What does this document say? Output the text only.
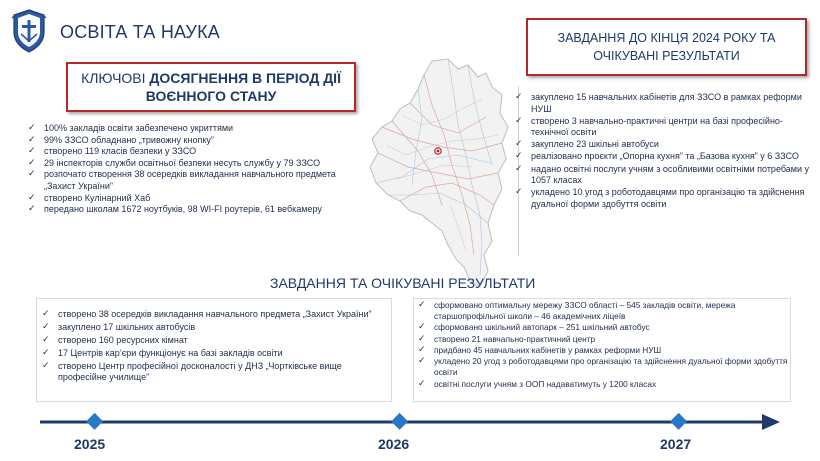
ОСВІТА ТА НАУКА
КЛЮЧОВІ ДОСЯГНЕННЯ В ПЕРІОД ДІЇ
ВОЄННОГО СТАНУ
✓ 100% закладів освіти забезпечено укриттями
✓ 99% ЗЗСО обладнано „тривожну кнопку”
✓ створено 119 класів безпеки у ЗЗСО
✓ 29 інспекторів служби освітньої безпеки несуть службу у 79 ЗЗСО
✓ розпочато створення 38 осередків викладання навчального предмета „Захист України”
✓ створено Кулінарний Хаб
✓ передано школам 1672 ноутбуків, 98 WI-FI роутерів, 61 вебкамеру
ЗАВДАННЯ ДО КІНЦЯ 2024 РОКУ ТА
ОЧІКУВАНІ РЕЗУЛЬТАТИ
✓ закуплено 15 навчальних кабінетів для ЗЗСО в рамках реформи НУШ
✓ створено 3 навчально-практичні центри на базі професійно-технічної освіти
✓ закуплено 23 шкільні автобуси
✓ реалізовано проєкти „Опорна кухня” та „Базова кухня” у 6 ЗЗСО
✓ надано освітні послуги учням з особливими освітніми потребами у 1057 класах
✓ укладено 10 угод з роботодавцями про організацію та здійснення дуальної форми здобуття освіти
ЗАВДАННЯ ТА ОЧІКУВАНІ РЕЗУЛЬТАТИ
✓ створено 38 осередків викладання навчального предмета „Захист України”
✓ закуплено 17 шкільних автобусів
✓ створено 160 ресурсних кімнат
✓ 17 Центрів кар’єри функціонує на базі закладів освіти
✓ створено Центр професійної досконалості у ДНЗ „Чортківське вище професійне училище”
✓ сформовано оптимальну мережу ЗЗСО області – 545 закладів освіти, мережа старшопрофільної школи – 46 академічних ліцеїв
✓ сформовано шкільний автопарк – 251 шкільний автобус
✓ створено 21 навчально-практичний центр
✓ придбано 45 навчальних кабінетів у рамках реформи НУШ
✓ укладено 20 угод з роботодавцями про організацію та здійснення дуальної форми здобуття освіти
✓ освітні послуги учням з ООП надаватимуть у 1200 класах
2025	2026	2027
